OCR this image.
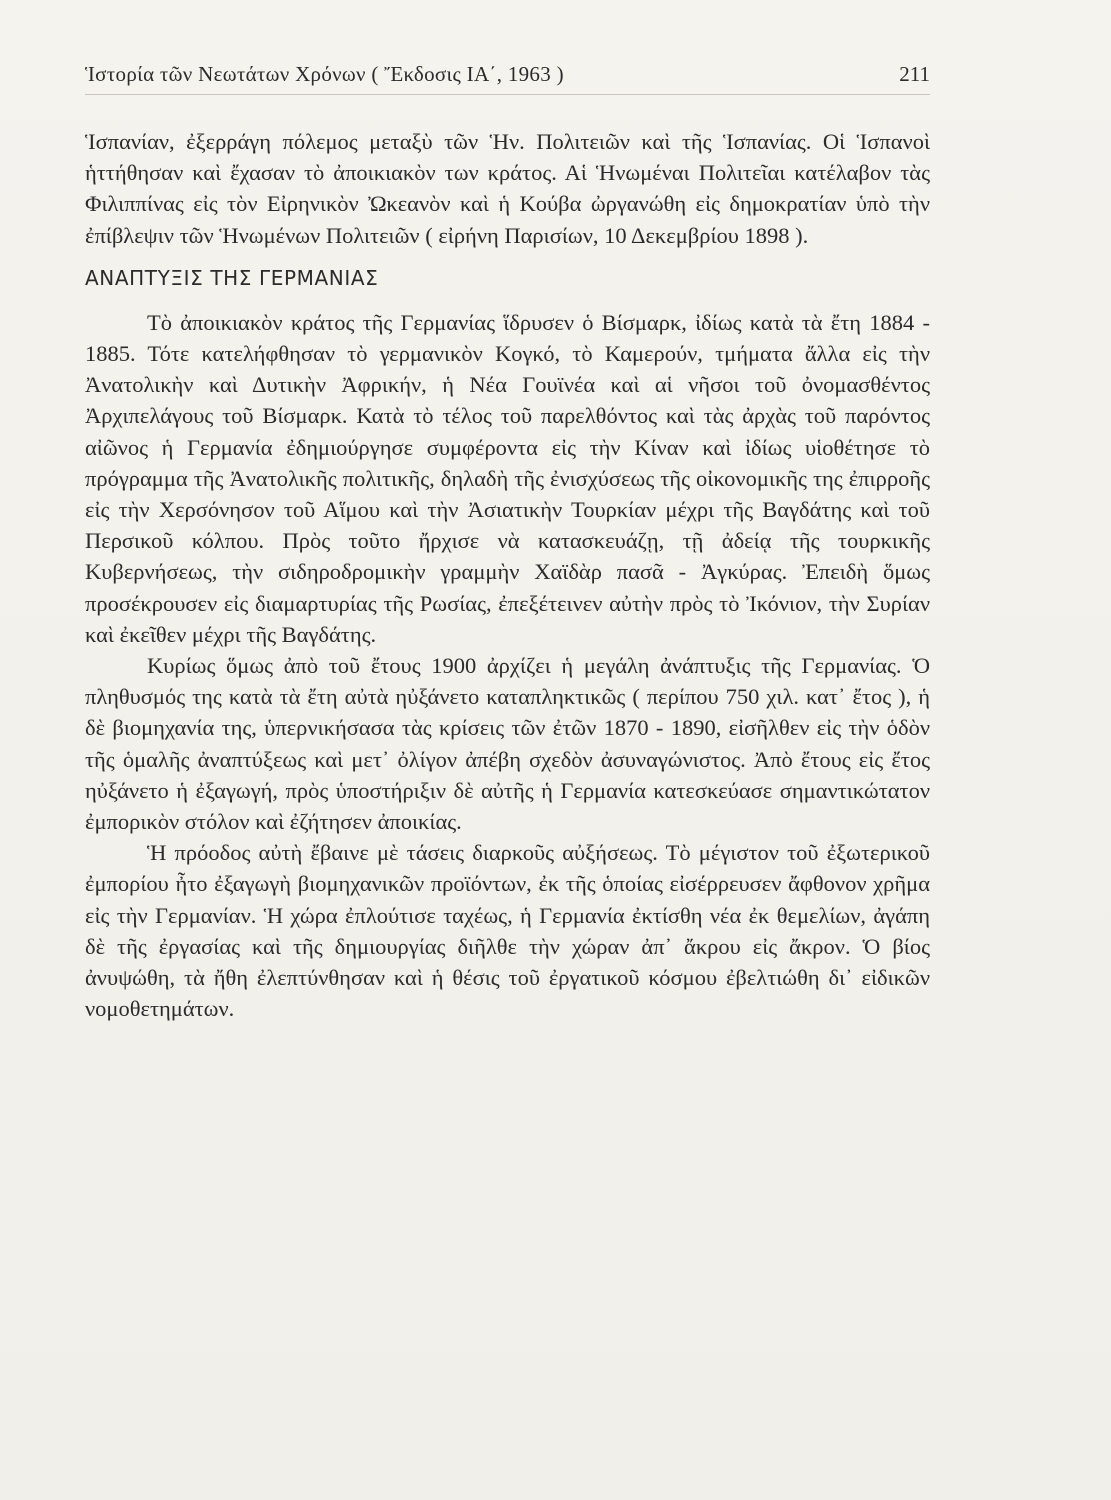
Ἱστορία τῶν Νεωτάτων Χρόνων ( Ἔκδοσις ΙΑ΄, 1963 )	211

Ἱσπανίαν, ἐξερράγη πόλεμος μεταξὺ τῶν Ἡν. Πολιτειῶν καὶ τῆς Ἱσπανίας. Οἱ Ἱσπανοὶ ἡττήθησαν καὶ ἔχασαν τὸ ἀποικιακὸν των κράτος. Αἱ Ἡνωμέναι Πολιτεῖαι κατέλαβον τὰς Φιλιππίνας εἰς τὸν Εἰρηνικὸν Ὠκεανὸν καὶ ἡ Κούβα ὠργανώθη εἰς δημοκρατίαν ὑπὸ τὴν ἐπίβλεψιν τῶν Ἡνωμένων Πολιτειῶν ( εἰρήνη Παρισίων, 10 Δεκεμβρίου 1898 ).

ΑΝΑΠΤΥΞΙΣ ΤΗΣ ΓΕΡΜΑΝΙΑΣ

Τὸ ἀποικιακὸν κράτος τῆς Γερμανίας ἵδρυσεν ὁ Βίσμαρκ, ἰδίως κατὰ τὰ ἔτη 1884 - 1885. Τότε κατελήφθησαν τὸ γερμανικὸν Κογκό, τὸ Καμερούν, τμήματα ἄλλα εἰς τὴν Ἀνατολικὴν καὶ Δυτικὴν Ἀφρικήν, ἡ Νέα Γουϊνέα καὶ αἱ νῆσοι τοῦ ὀνομασθέντος Ἀρχιπελάγους τοῦ Βίσμαρκ. Κατὰ τὸ τέλος τοῦ παρελθόντος καὶ τὰς ἀρχὰς τοῦ παρόντος αἰῶνος ἡ Γερμανία ἐδημιούργησε συμφέροντα εἰς τὴν Κίναν καὶ ἰδίως υἱοθέτησε τὸ πρόγραμμα τῆς Ἀνατολικῆς πολιτικῆς, δηλαδὴ τῆς ἐνισχύσεως τῆς οἰκονομικῆς της ἐπιρροῆς εἰς τὴν Χερσόνησον τοῦ Αἵμου καὶ τὴν Ἀσιατικὴν Τουρκίαν μέχρι τῆς Βαγδάτης καὶ τοῦ Περσικοῦ κόλπου. Πρὸς τοῦτο ἤρχισε νὰ κατασκευάζῃ, τῇ ἀδείᾳ τῆς τουρκικῆς Κυβερνήσεως, τὴν σιδηροδρομικὴν γραμμὴν Χαϊδὰρ πασᾶ - Ἀγκύρας. Ἐπειδὴ ὅμως προσέκρουσεν εἰς διαμαρτυρίας τῆς Ρωσίας, ἐπεξέτεινεν αὐτὴν πρὸς τὸ Ἰκόνιον, τὴν Συρίαν καὶ ἐκεῖθεν μέχρι τῆς Βαγδάτης.

Κυρίως ὅμως ἀπὸ τοῦ ἔτους 1900 ἀρχίζει ἡ μεγάλη ἀνάπτυξις τῆς Γερμανίας. Ὁ πληθυσμός της κατὰ τὰ ἔτη αὐτὰ ηὐξάνετο καταπληκτικῶς ( περίπου 750 χιλ. κατ᾽ ἔτος ), ἡ δὲ βιομηχανία της, ὑπερνικήσασα τὰς κρίσεις τῶν ἐτῶν 1870 - 1890, εἰσῆλθεν εἰς τὴν ὁδὸν τῆς ὁμαλῆς ἀναπτύξεως καὶ μετ᾽ ὀλίγον ἀπέβη σχεδὸν ἀσυναγώνιστος. Ἀπὸ ἔτους εἰς ἔτος ηὐξάνετο ἡ ἐξαγωγή, πρὸς ὑποστήριξιν δὲ αὐτῆς ἡ Γερμανία κατεσκεύασε σημαντικώτατον ἐμπορικὸν στόλον καὶ ἐζήτησεν ἀποικίας.

Ἡ πρόοδος αὐτὴ ἔβαινε μὲ τάσεις διαρκοῦς αὐξήσεως. Τὸ μέγιστον τοῦ ἐξωτερικοῦ ἐμπορίου ἦτο ἐξαγωγὴ βιομηχανικῶν προϊόντων, ἐκ τῆς ὁποίας εἰσέρρευσεν ἄφθονον χρῆμα εἰς τὴν Γερμανίαν. Ἡ χώρα ἐπλούτισε ταχέως, ἡ Γερμανία ἐκτίσθη νέα ἐκ θεμελίων, ἀγάπη δὲ τῆς ἐργασίας καὶ τῆς δημιουργίας διῆλθε τὴν χώραν ἀπ᾽ ἄκρου εἰς ἄκρον. Ὁ βίος ἀνυψώθη, τὰ ἤθη ἐλεπτύνθησαν καὶ ἡ θέσις τοῦ ἐργατικοῦ κόσμου ἐβελτιώθη δι᾽ εἰδικῶν νομοθετημάτων.
